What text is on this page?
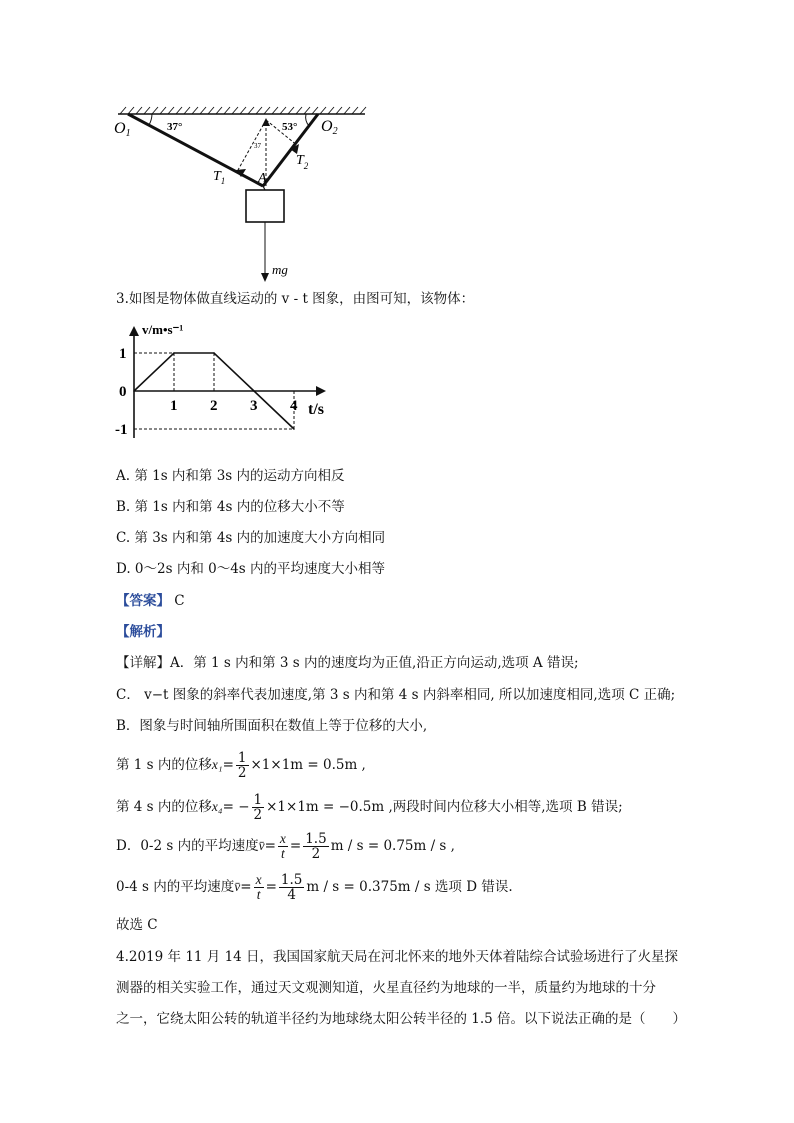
O1	O2
37°	53°
37
$T_1$
$T_2$
A
mg
3.如图是物体做直线运动的 v - t 图象，由图可知，该物体：
v/m•s⁻¹
t/s
1 2 3 4
1
0
-1
A. 第 1s 内和第 3s 内的运动方向相反
B. 第 1s 内和第 4s 内的位移大小不等
C. 第 3s 内和第 4s 内的加速度大小方向相同
D. 0～2s 内和 0～4s 内的平均速度大小相等
【答案】 C
【解析】
【详解】A．第 1 s 内和第 3 s 内的速度均为正值,沿正方向运动,选项 A 错误;
C． v−t 图象的斜率代表加速度,第 3 s 内和第 4 s 内斜率相同, 所以加速度相同,选项 C 正确;
B．图象与时间轴所围面积在数值上等于位移的大小,
第 1 s 内的位移 $x_1 = \frac{1}{2} \times 1\times 1m = 0.5m$ ,
第 4 s 内的位移 x₄ = − $\frac{1}{2} \times 1\times 1m = -0.5m$ ,两段时间内位移大小相等,选项 B 错误;
D．0-2 s 内的平均速度 v̄ = $\frac{x}{t} = \frac{1.5}{2}$ m / s = 0.75m / s ,
0-4 s 内的平均速度 v̄ = $\frac{x}{t} = \frac{1.5}{4}$ m / s = 0.375m / s 选项 D 错误.
故选 C
4.2019 年 11 月 14 日，我国国家航天局在河北怀来的地外天体着陆综合试验场进行了火星探
测器的相关实验工作，通过天文观测知道，火星直径约为地球的一半，质量约为地球的十分
之一，它绕太阳公转的轨道半径约为地球绕太阳公转半径的 1.5 倍。以下说法正确的是（　　）
